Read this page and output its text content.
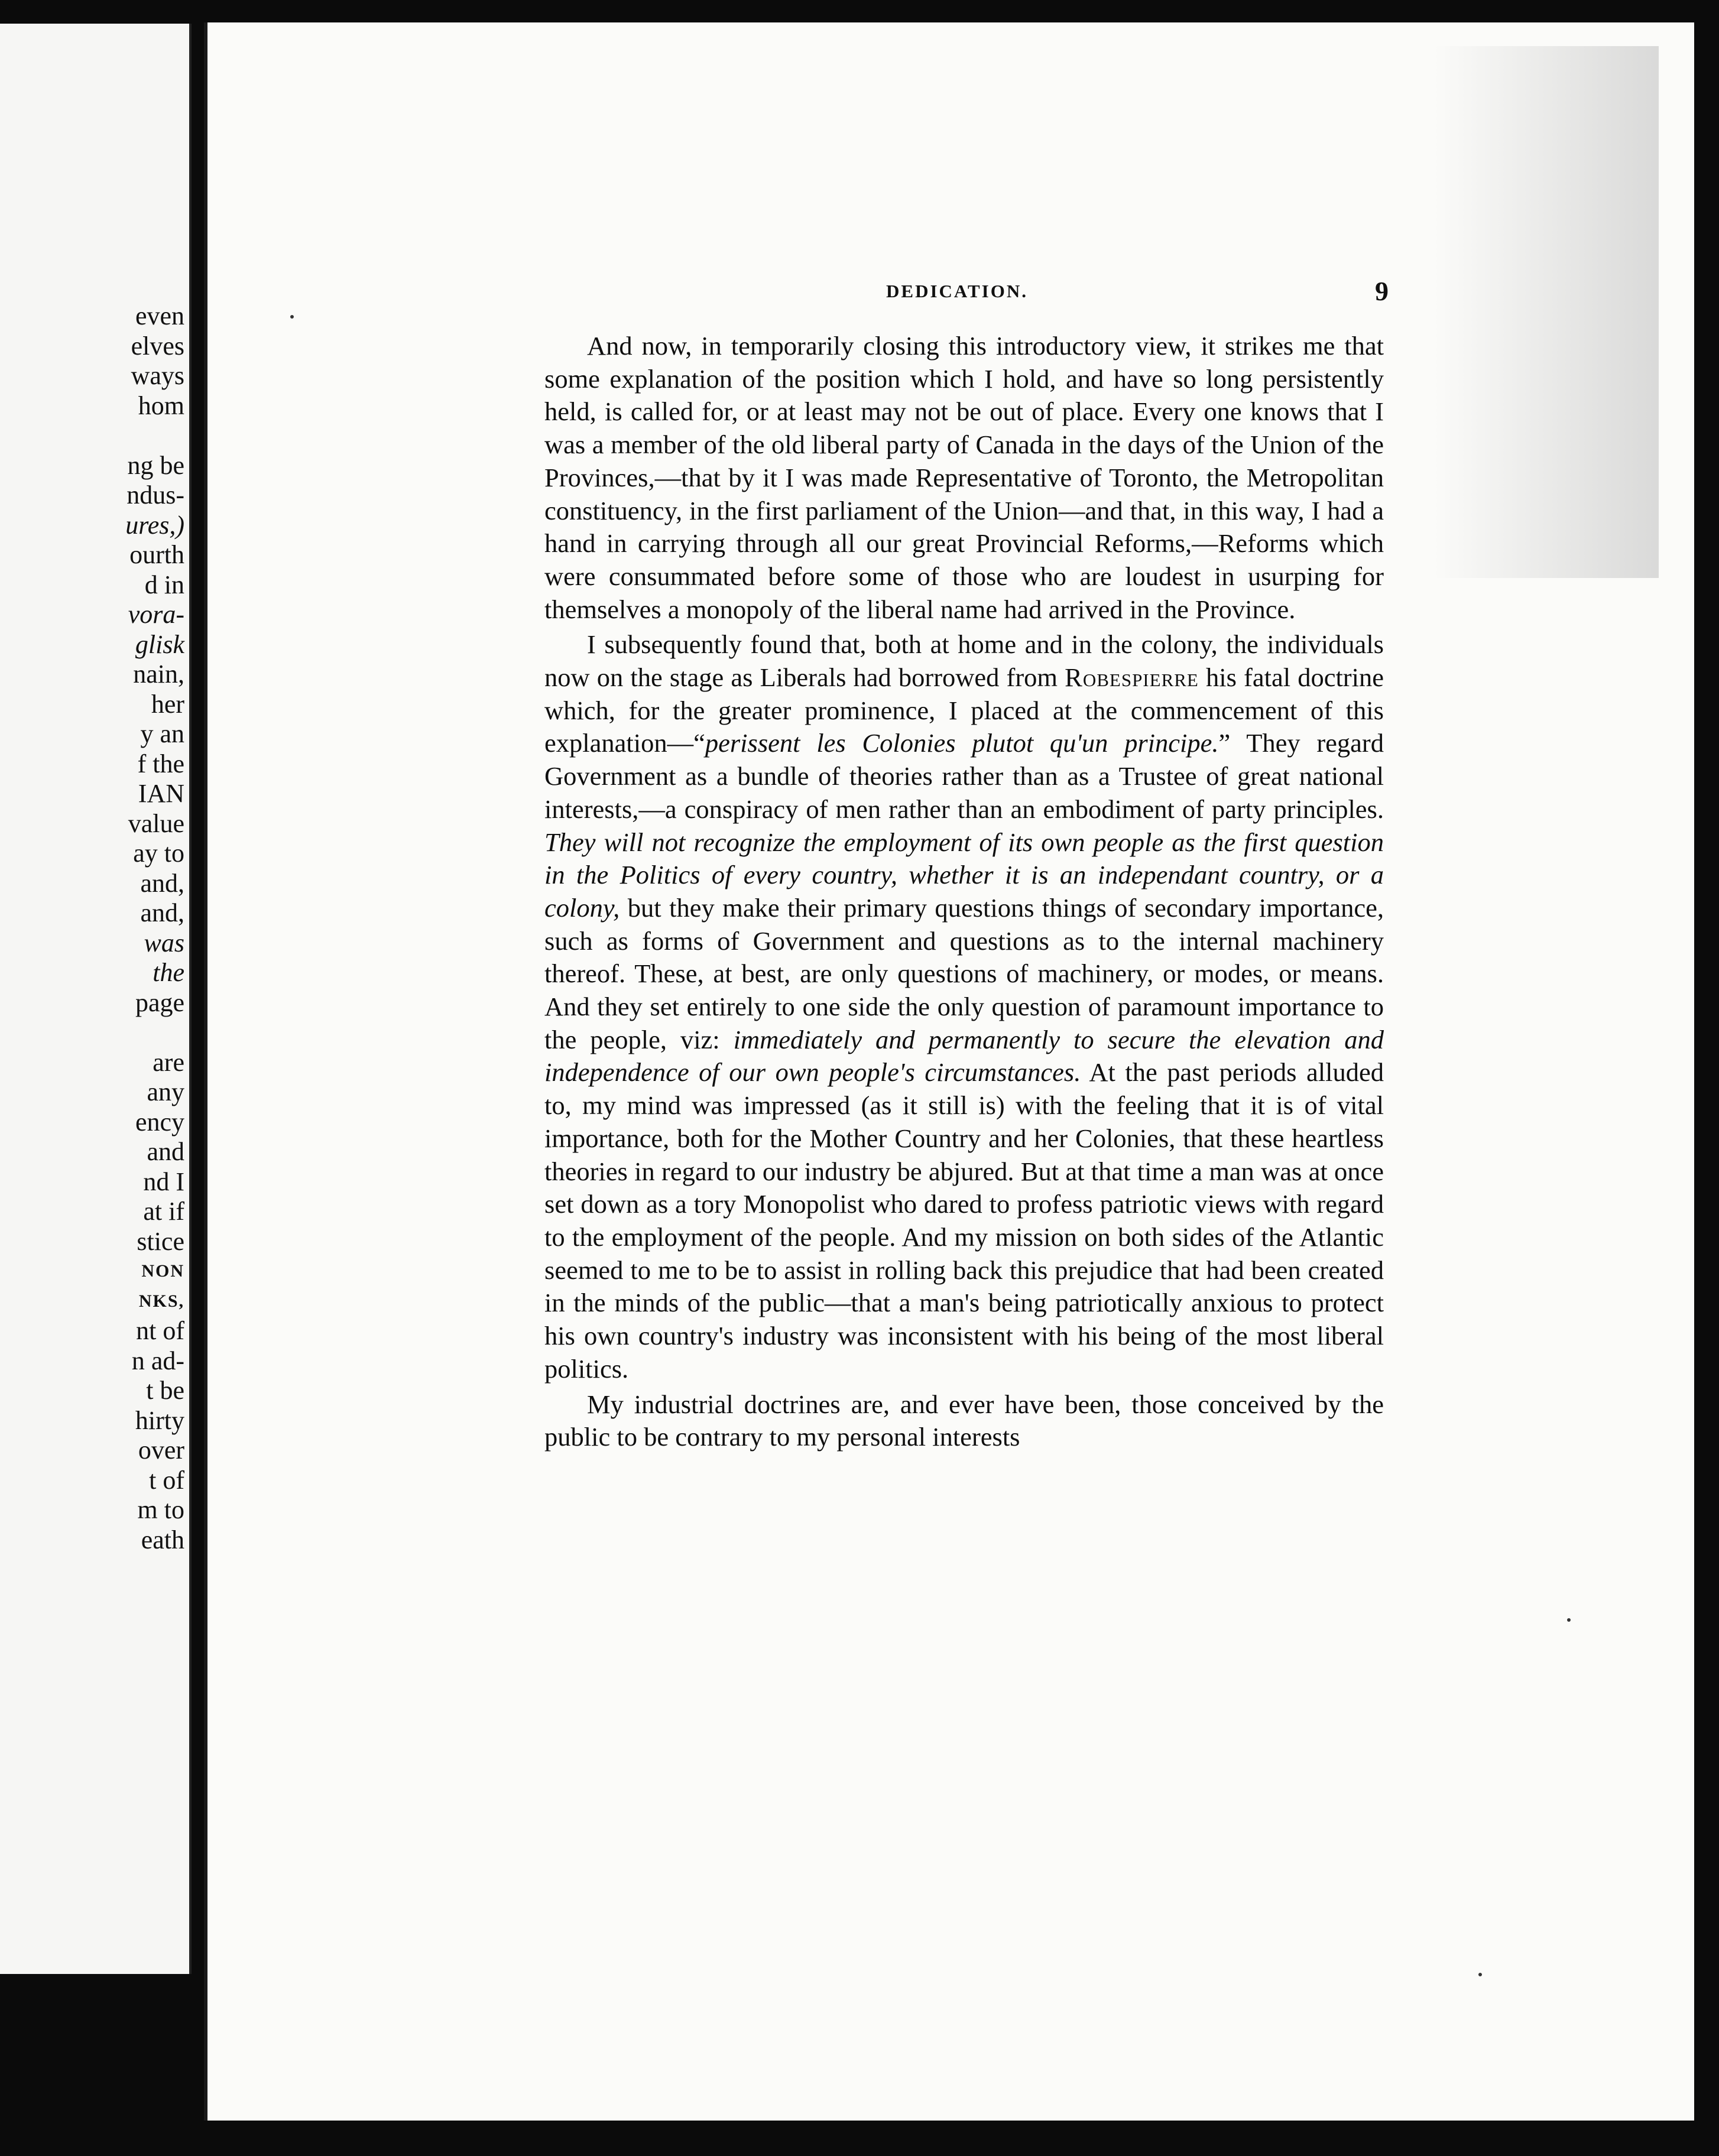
even
elves
ways
hom
ng be
ndus-
ures,)
ourth
d in
vora-
glisk
nain,
her
y an
f the
IAN
value
ay to
and,
and,
was
the
page
are
any
ency
and
nd I
at if
stice
NON
NKS,
nt of
n ad-
t be
hirty
over
t of
m to
eath
DEDICATION.	9

And now, in temporarily closing this introductory view, it strikes me that some explanation of the position which I hold, and have so long persistently held, is called for, or at least may not be out of place. Every one knows that I was a member of the old liberal party of Canada in the days of the Union of the Provinces,—that by it I was made Representative of Toronto, the Metropolitan constituency, in the first parliament of the Union—and that, in this way, I had a hand in carrying through all our great Provincial Reforms,—Reforms which were consummated before some of those who are loudest in usurping for themselves a monopoly of the liberal name had arrived in the Province.

I subsequently found that, both at home and in the colony, the individuals now on the stage as Liberals had borrowed from Robespierre his fatal doctrine which, for the greater prominence, I placed at the commencement of this explanation—“perissent les Colonies plutot qu'un principe.” They regard Government as a bundle of theories rather than as a Trustee of great national interests,—a conspiracy of men rather than an embodiment of party principles. They will not recognize the employment of its own people as the first question in the Politics of every country, whether it is an independant country, or a colony, but they make their primary questions things of secondary importance, such as forms of Government and questions as to the internal machinery thereof. These, at best, are only questions of machinery, or modes, or means. And they set entirely to one side the only question of paramount importance to the people, viz: immediately and permanently to secure the elevation and independence of our own people's circumstances. At the past periods alluded to, my mind was impressed (as it still is) with the feeling that it is of vital importance, both for the Mother Country and her Colonies, that these heartless theories in regard to our industry be abjured. But at that time a man was at once set down as a tory Monopolist who dared to profess patriotic views with regard to the employment of the people. And my mission on both sides of the Atlantic seemed to me to be to assist in rolling back this prejudice that had been created in the minds of the public—that a man's being patriotically anxious to protect his own country's industry was inconsistent with his being of the most liberal politics.

My industrial doctrines are, and ever have been, those conceived by the public to be contrary to my personal interests
